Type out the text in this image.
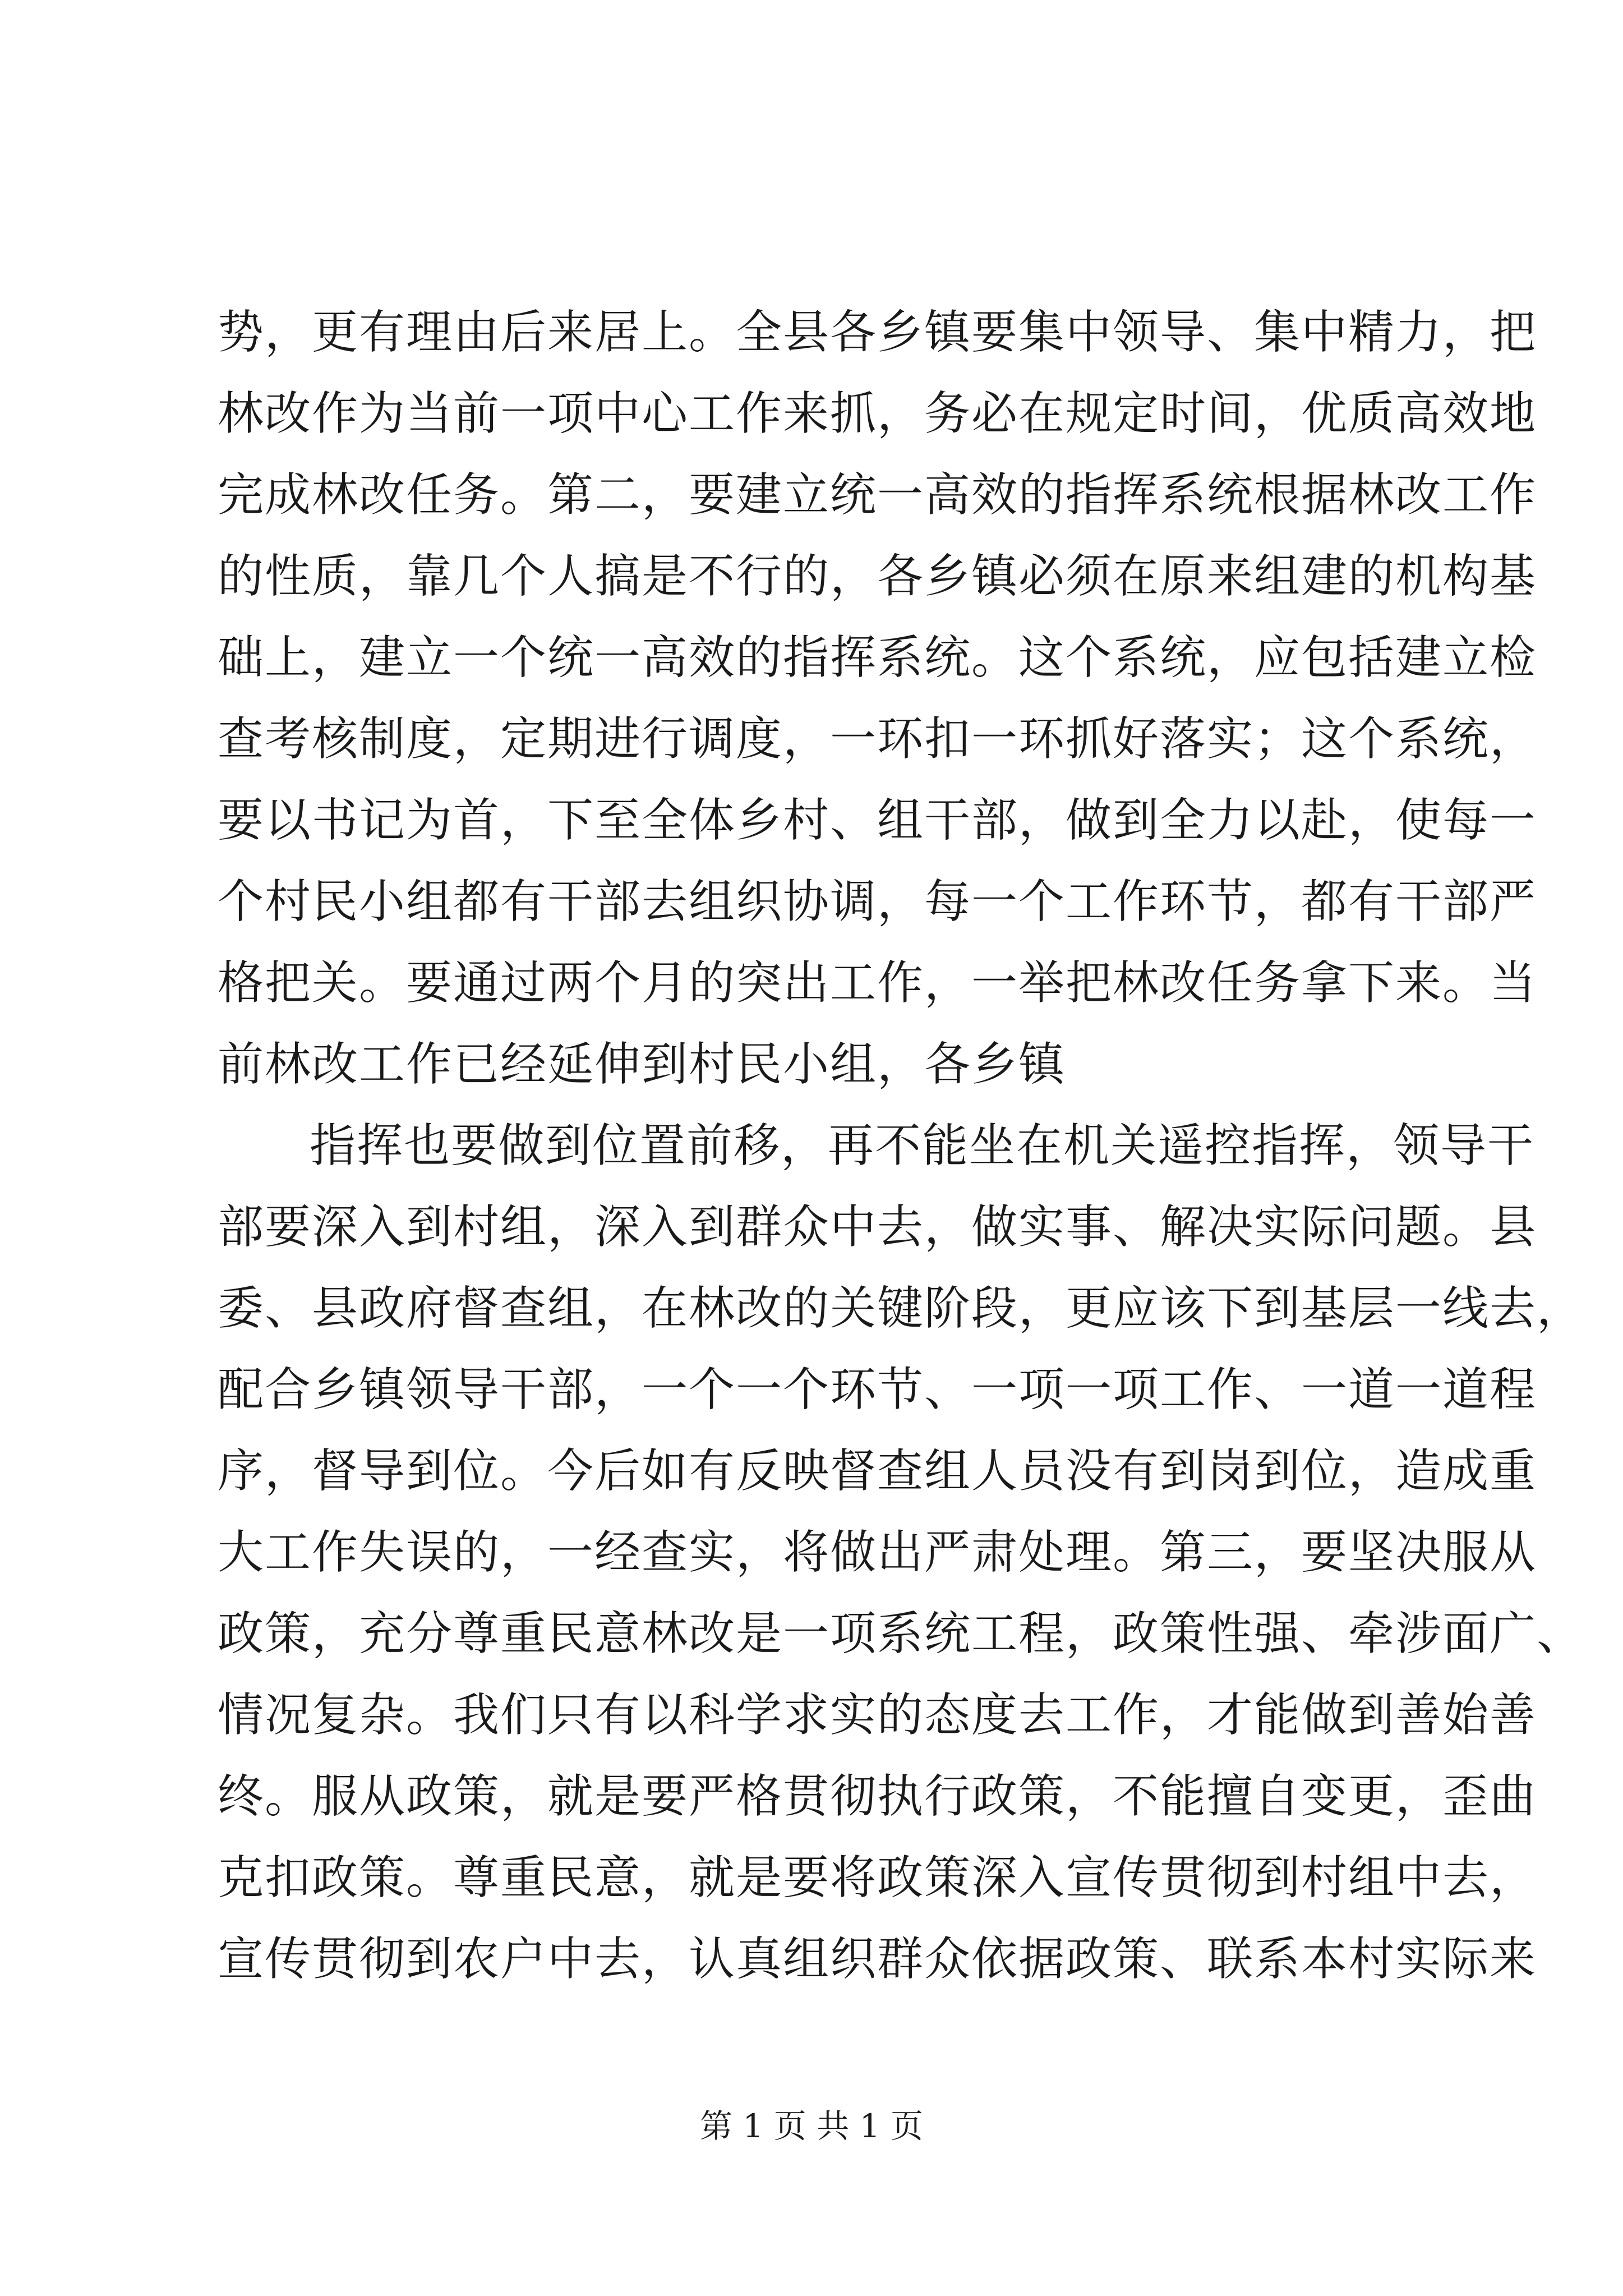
势，更有理由后来居上。全县各乡镇要集中领导、集中精力，把
林改作为当前一项中心工作来抓，务必在规定时间，优质高效地
完成林改任务。第二，要建立统一高效的指挥系统根据林改工作
的性质，靠几个人搞是不行的，各乡镇必须在原来组建的机构基
础上，建立一个统一高效的指挥系统。这个系统，应包括建立检
查考核制度，定期进行调度，一环扣一环抓好落实；这个系统，
要以书记为首，下至全体乡村、组干部，做到全力以赴，使每一
个村民小组都有干部去组织协调，每一个工作环节，都有干部严
格把关。要通过两个月的突出工作，一举把林改任务拿下来。当
前林改工作已经延伸到村民小组，各乡镇
指挥也要做到位置前移，再不能坐在机关遥控指挥，领导干
部要深入到村组，深入到群众中去，做实事、解决实际问题。县
委、县政府督查组，在林改的关键阶段，更应该下到基层一线去，
配合乡镇领导干部，一个一个环节、一项一项工作、一道一道程
序，督导到位。今后如有反映督查组人员没有到岗到位，造成重
大工作失误的，一经查实，将做出严肃处理。第三，要坚决服从
政策，充分尊重民意林改是一项系统工程，政策性强、牵涉面广、
情况复杂。我们只有以科学求实的态度去工作，才能做到善始善
终。服从政策，就是要严格贯彻执行政策，不能擅自变更，歪曲
克扣政策。尊重民意，就是要将政策深入宣传贯彻到村组中去，
宣传贯彻到农户中去，认真组织群众依据政策、联系本村实际来
第 1 页 共 1 页
